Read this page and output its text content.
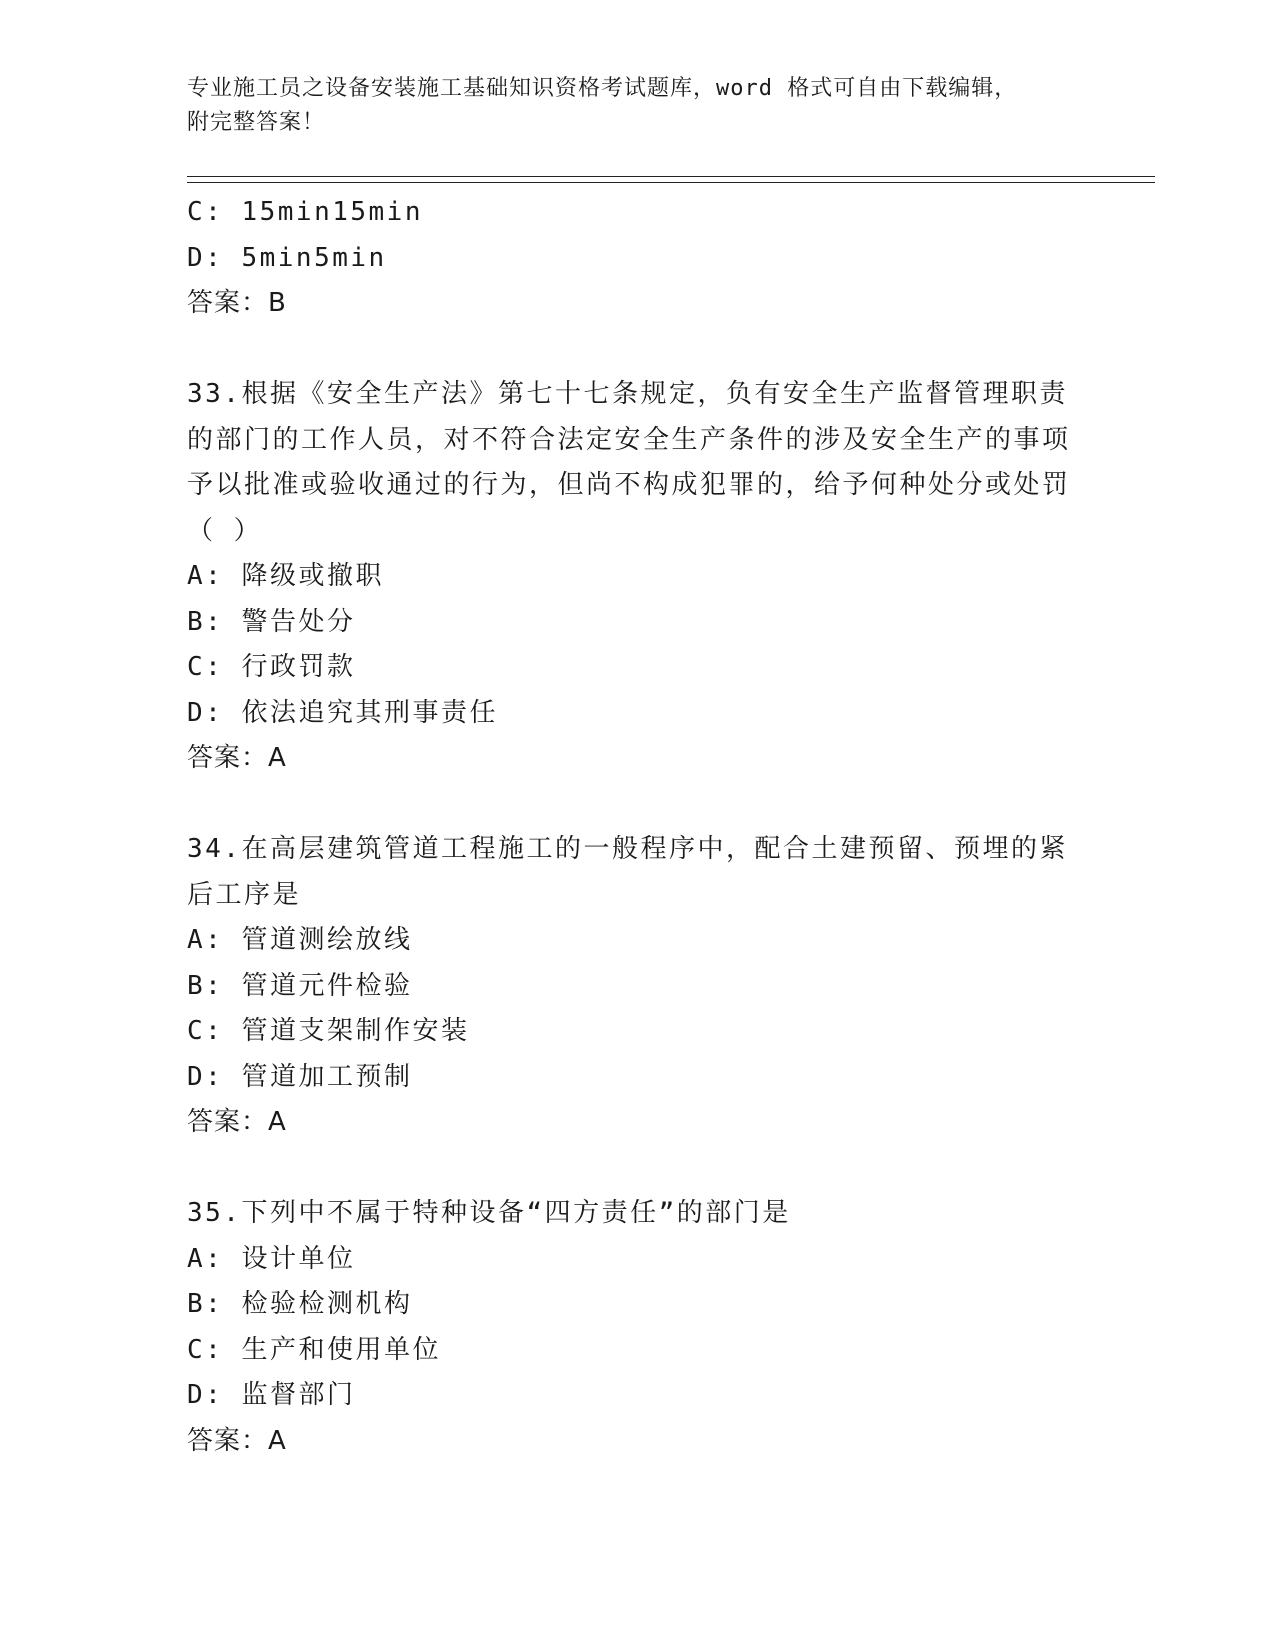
专业施工员之设备安装施工基础知识资格考试题库，word 格式可自由下载编辑，
附完整答案！
C: 15min15min
D: 5min5min
答案：B
33.根据《安全生产法》第七十七条规定，负有安全生产监督管理职责的部门的工作人员，对不符合法定安全生产条件的涉及安全生产的事项予以批准或验收通过的行为，但尚不构成犯罪的，给予何种处分或处罚（ ）
A: 降级或撤职
B: 警告处分
C: 行政罚款
D: 依法追究其刑事责任
答案：A
34.在高层建筑管道工程施工的一般程序中，配合土建预留、预埋的紧后工序是
A: 管道测绘放线
B: 管道元件检验
C: 管道支架制作安装
D: 管道加工预制
答案：A
35.下列中不属于特种设备“四方责任”的部门是
A: 设计单位
B: 检验检测机构
C: 生产和使用单位
D: 监督部门
答案：A
